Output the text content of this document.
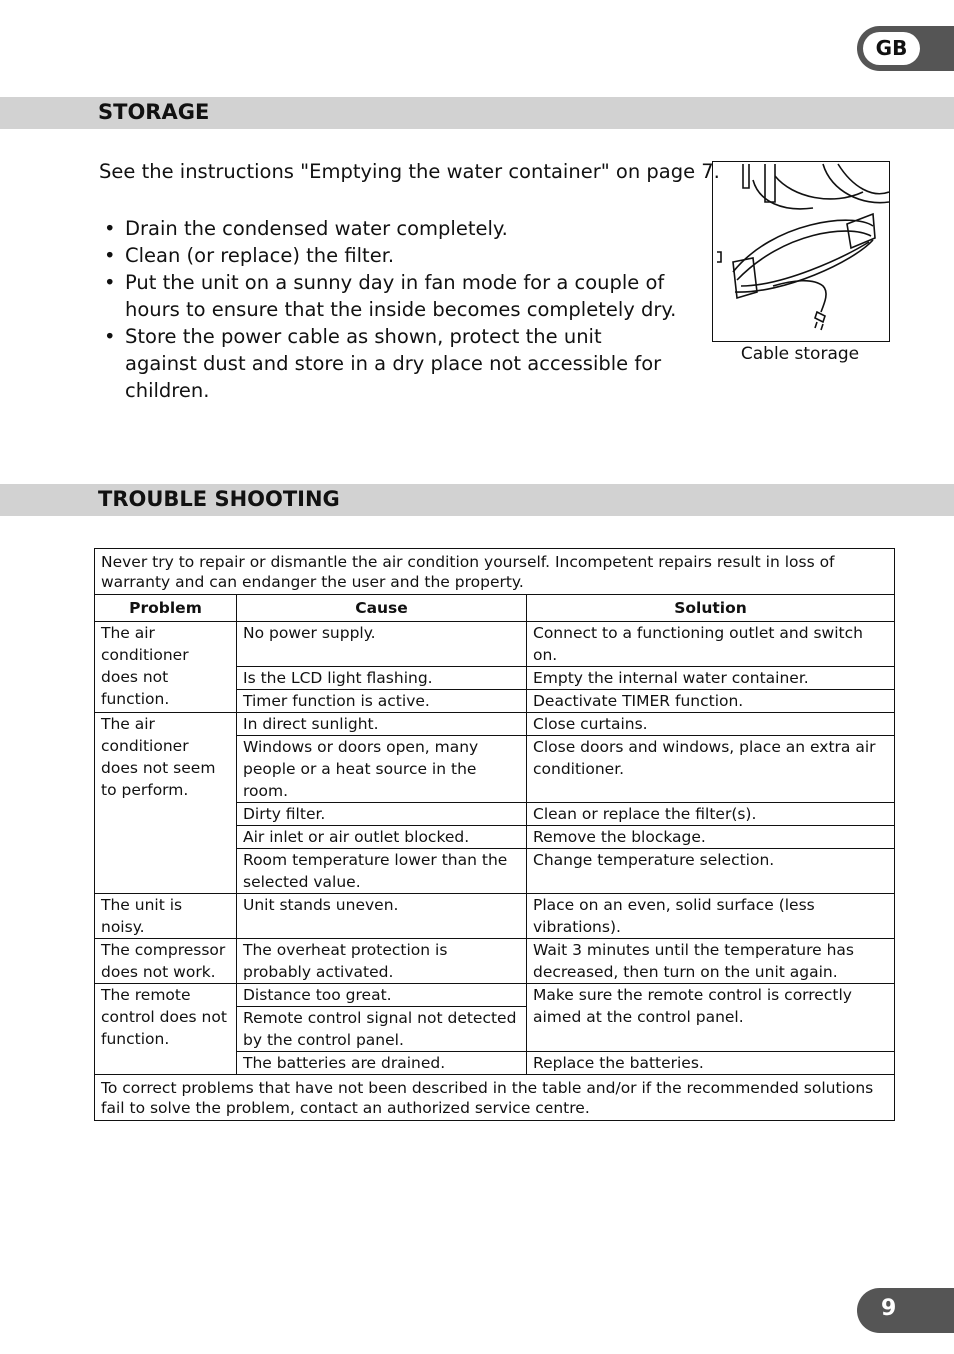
GB
STORAGE

See the instructions "Emptying the water container" on page 7.

• Drain the condensed water completely.
• Clean (or replace) the filter.
• Put the unit on a sunny day in fan mode for a couple of hours to ensure that the inside becomes completely dry.
• Store the power cable as shown, protect the unit against dust and store in a dry place not accessible for children.
Cable storage
TROUBLE SHOOTING
Never try to repair or dismantle the air condition yourself. Incompetent repairs result in loss of warranty and can endanger the user and the property.		
Problem	Cause	Solution
The air conditioner does not function.	No power supply.	Connect to a functioning outlet and switch on.
	Is the LCD light flashing.	Empty the internal water container.
	Timer function is active.	Deactivate TIMER function.
The air conditioner does not seem to perform.	In direct sunlight.	Close curtains.
	Windows or doors open, many people or a heat source in the room.	Close doors and windows, place an extra air conditioner.
	Dirty filter.	Clean or replace the filter(s).
	Air inlet or air outlet blocked.	Remove the blockage.
	Room temperature lower than the selected value.	Change temperature selection.
The unit is noisy.	Unit stands uneven.	Place on an even, solid surface (less vibrations).
The compressor does not work.	The overheat protection is probably activated.	Wait 3 minutes until the temperature has decreased, then turn on the unit again.
The remote control does not function.	Distance too great.	Make sure the remote control is correctly aimed at the control panel.
	Remote control signal not detected by the control panel.	
	The batteries are drained.	Replace the batteries.
To correct problems that have not been described in the table and/or if the recommended solutions fail to solve the problem, contact an authorized service centre.		
9
